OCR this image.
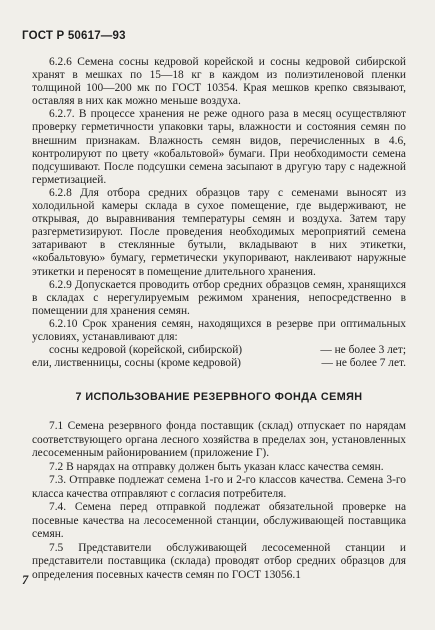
ГОСТ Р 50617—93

6.2.6 Семена сосны кедровой корейской и сосны кедровой сибирской хранят в мешках по 15—18 кг в каждом из полиэтиленовой пленки толщиной 100—200 мк по ГОСТ 10354. Края мешков крепко связывают, оставляя в них как можно меньше воздуха.

6.2.7. В процессе хранения не реже одного раза в месяц осуществляют проверку герметичности упаковки тары, влажности и состояния семян по внешним признакам. Влажность семян видов, перечисленных в 4.6, контролируют по цвету «кобальтовой» бумаги. При необходимости семена подсушивают. После подсушки семена засыпают в другую тару с надежной герметизацией.

6.2.8 Для отбора средних образцов тару с семенами выносят из холодильной камеры склада в сухое помещение, где выдерживают, не открывая, до выравнивания температуры семян и воздуха. Затем тару разгерметизируют. После проведения необходимых мероприятий семена затаривают в стеклянные бутыли, вкладывают в них этикетки, «кобальтовую» бумагу, герметически укупоривают, наклеивают наружные этикетки и переносят в помещение длительного хранения.

6.2.9 Допускается проводить отбор средних образцов семян, хранящихся в складах с нерегулируемым режимом хранения, непосредственно в помещении для хранения семян.

6.2.10 Срок хранения семян, находящихся в резерве при оптимальных условиях, устанавливают для:

сосны кедровой (корейской, сибирской)	— не более 3 лет;
ели, лиственницы, сосны (кроме кедровой)	— не более 7 лет.
7 ИСПОЛЬЗОВАНИЕ РЕЗЕРВНОГО ФОНДА СЕМЯН

7.1 Семена резервного фонда поставщик (склад) отпускает по нарядам соответствующего органа лесного хозяйства в пределах зон, установленных лесосеменным районированием (приложение Г).

7.2 В нарядах на отправку должен быть указан класс качества семян.

7.3. Отправке подлежат семена 1-го и 2-го классов качества. Семена 3-го класса качества отправляют с согласия потребителя.

7.4. Семена перед отправкой подлежат обязательной проверке на посевные качества на лесосеменной станции, обслуживающей поставщика семян.

7.5 Представители обслуживающей лесосеменной станции и представители поставщика (склада) проводят отбор средних образцов для определения посевных качеств семян по ГОСТ 13056.1

7
